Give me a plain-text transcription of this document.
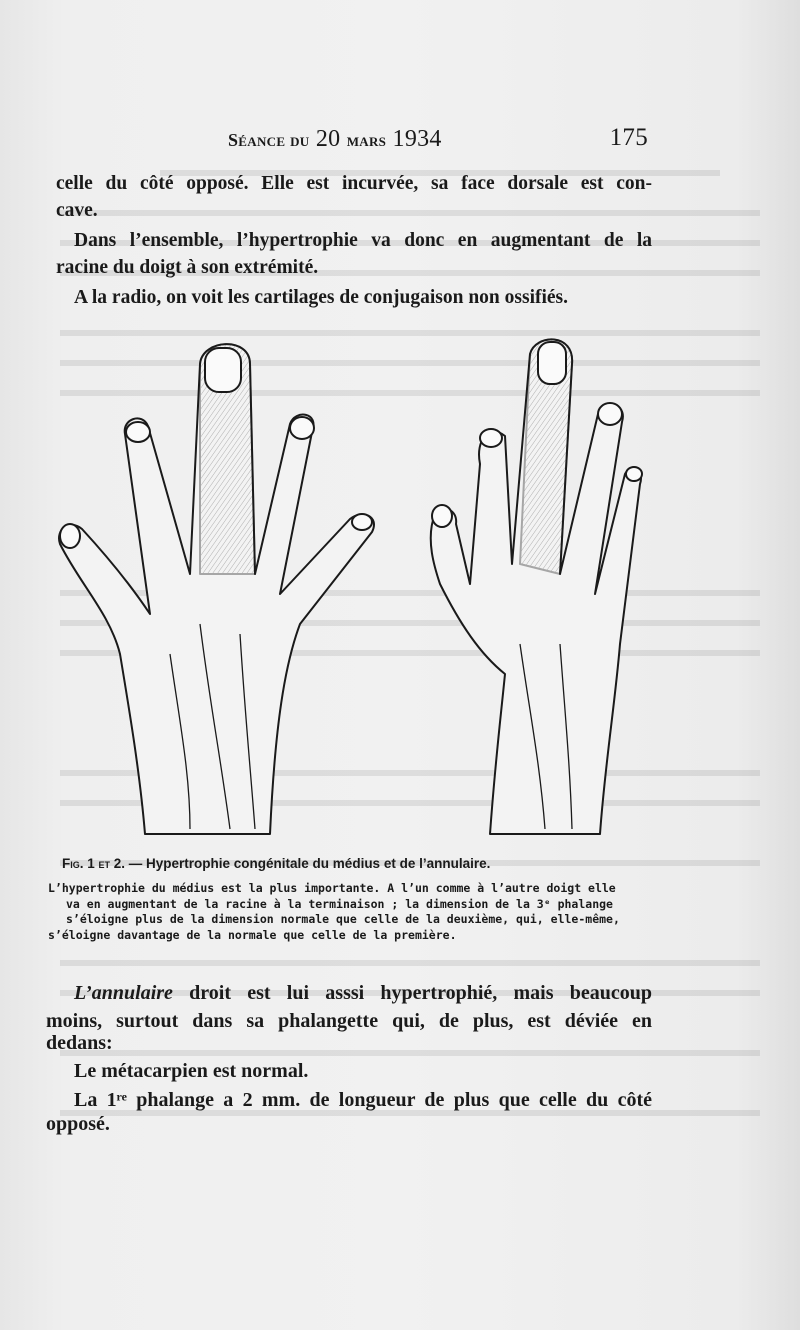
Séance du 20 mars 1934	175

celle du côté opposé. Elle est incurvée, sa face dorsale est con-

cave.

Dans l’ensemble, l’hypertrophie va donc en augmentant de la

racine du doigt à son extrémité.

A la radio, on voit les cartilages de conjugaison non ossifiés.

Fig. 1 et 2. — Hypertrophie congénitale du médius et de l’annulaire.
L’hypertrophie du médius est la plus importante. A l’un comme à l’autre doigt elle
va en augmentant de la racine à la terminaison ; la dimension de la 3ᵉ phalange
s’éloigne plus de la dimension normale que celle de la deuxième, qui, elle-même,
s’éloigne davantage de la normale que celle de la première.

L’annulaire droit est lui asssi hypertrophié, mais beaucoup

moins, surtout dans sa phalangette qui, de plus, est déviée en

dedans:

Le métacarpien est normal.

La 1ʳᵉ phalange a 2 mm. de longueur de plus que celle du côté

opposé.
